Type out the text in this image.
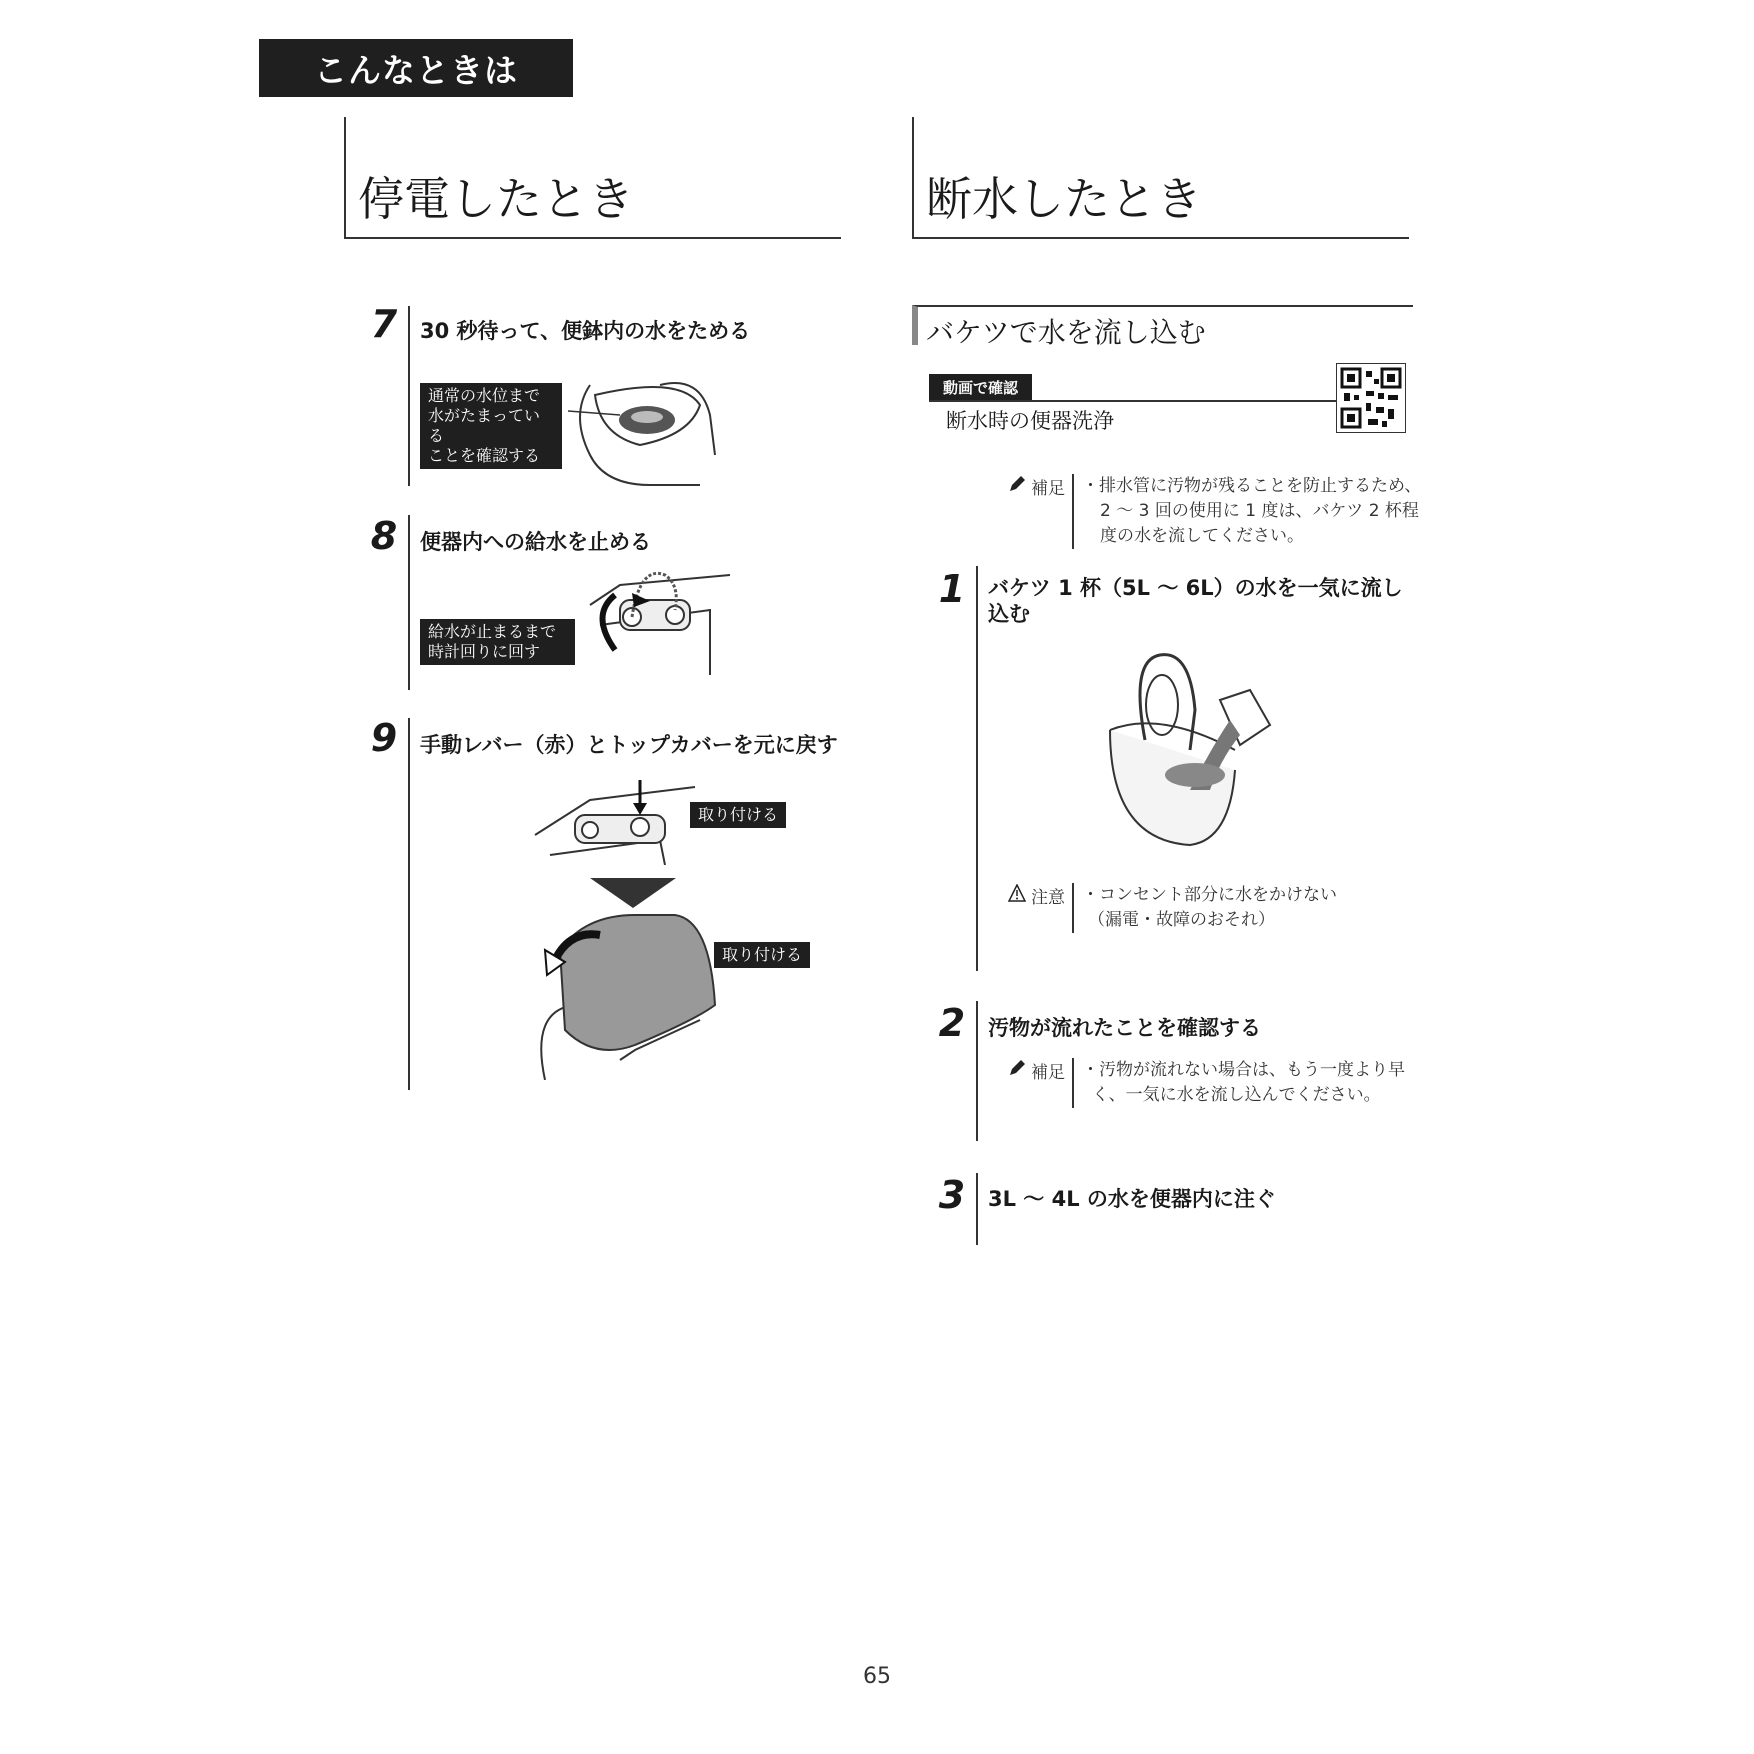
こんなときは
停電したとき
7	30 秒待って、便鉢内の水をためる
通常の水位まで
水がたまっている
ことを確認する
8	便器内への給水を止める
給水が止まるまで
時計回りに回す
9	手動レバー（赤）とトップカバーを元に戻す
取り付ける
取り付ける
断水したとき
バケツで水を流し込む
動画で確認
断水時の便器洗浄
補足 ・排水管に汚物が残ることを防止するため、
2 ～ 3 回の使用に 1 度は、バケツ 2 杯程
度の水を流してください。
1	バケツ 1 杯（5L ～ 6L）の水を一気に流し
込む
注意 ・コンセント部分に水をかけない
（漏電・故障のおそれ）
2	汚物が流れたことを確認する
補足 ・汚物が流れない場合は、もう一度より早
く、一気に水を流し込んでください。
3	3L ～ 4L の水を便器内に注ぐ
65
